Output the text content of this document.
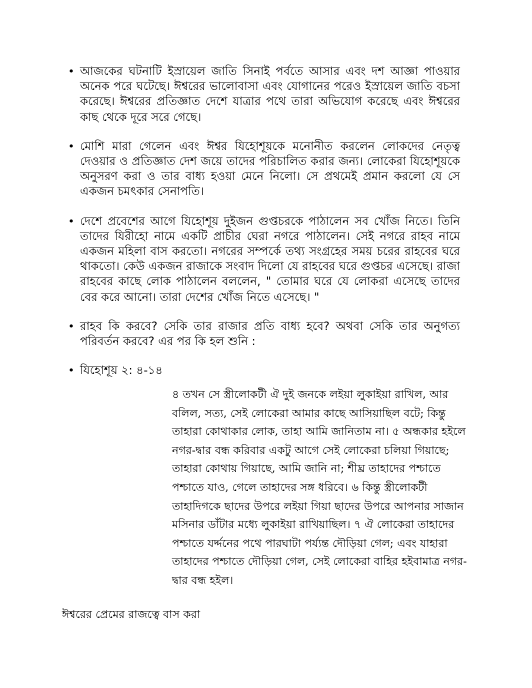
• আজকের ঘটনাটি ইস্রায়েল জাতি সিনাই পর্বতে আসার এবং দশ আজ্ঞা পাওয়ার অনেক পরে ঘটেছে। ঈশ্বরের ভালোবাসা এবং যোগানের পরেও ইস্রায়েল জাতি বচসা করেছে। ঈশ্বরের প্রতিজ্ঞাত দেশে যাত্রার পথে তারা অভিযোগ করেছে এবং ঈশ্বরের কাছ থেকে দূরে সরে গেছে।
• মোশি মারা গেলেন এবং ঈশ্বর যিহোশূয়কে মনোনীত করলেন লোকদের নেতৃত্ব দেওয়ার ও প্রতিজ্ঞাত দেশ জয়ে তাদের পরিচালিত করার জন্য। লোকেরা যিহোশূয়কে অনুসরণ করা ও তার বাধ্য হওয়া মেনে নিলো। সে প্রথমেই প্রমান করলো যে সে একজন চমৎকার সেনাপতি।
• দেশে প্রবেশের আগে যিহোশূয় দুইজন গুপ্তচরকে পাঠালেন সব খোঁজ নিতে। তিনি তাদের যিরীহো নামে একটি প্রাচীর ঘেরা নগরে পাঠালেন। সেই নগরে রাহব নামে একজন মহিলা বাস করতো। নগরের সম্পর্কে তথ্য সংগ্রহের সময় চরের রাহবের ঘরে থাকতো। কেউ একজন রাজাকে সংবাদ দিলো যে রাহবের ঘরে গুপ্তচর এসেছে। রাজা রাহবের কাছে লোক পাঠালেন বললেন, " তোমার ঘরে যে লোকরা এসেছে তাদের বের করে আনো। তারা দেশের খোঁজ নিতে এসেছে। "
• রাহব কি করবে? সেকি তার রাজার প্রতি বাধ্য হবে? অথবা সেকি তার অনুগত্য পরিবর্তন করবে? এর পর কি হল শুনি :
• যিহোশূয় ২: ৪-১৪
৪ তখন সে স্ত্রীলোকটী ঐ দুই জনকে লইয়া লুকাইয়া রাখিল, আর বলিল, সত্য, সেই লোকেরা আমার কাছে আসিয়াছিল বটে; কিন্তু তাহারা কোথাকার লোক, তাহা আমি জানিতাম না। ৫ অন্ধকার হইলে নগর-দ্বার বন্ধ করিবার একটু আগে সেই লোকেরা চলিয়া গিয়াছে; তাহারা কোথায় গিয়াছে, আমি জানি না; শীঘ্র তাহাদের পশ্চাতে পশ্চাতে যাও, গেলে তাহাদের সঙ্গ ধরিবে। ৬ কিন্তু স্ত্রীলোকটী তাহাদিগকে ছাদের উপরে লইয়া গিয়া ছাদের উপরে আপনার সাজান মসিনার ডাঁটার মধ্যে লুকাইয়া রাখিয়াছিল। ৭ ঐ লোকেরা তাহাদের পশ্চাতে যর্দ্দনের পথে পারঘাটা পর্য্যন্ত দৌড়িয়া গেল; এবং যাহারা তাহাদের পশ্চাতে দৌড়িয়া গেল, সেই লোকেরা বাহির হইবামাত্র নগর-দ্বার বন্ধ হইল।
ঈশ্বরের প্রেমের রাজত্বে বাস করা
